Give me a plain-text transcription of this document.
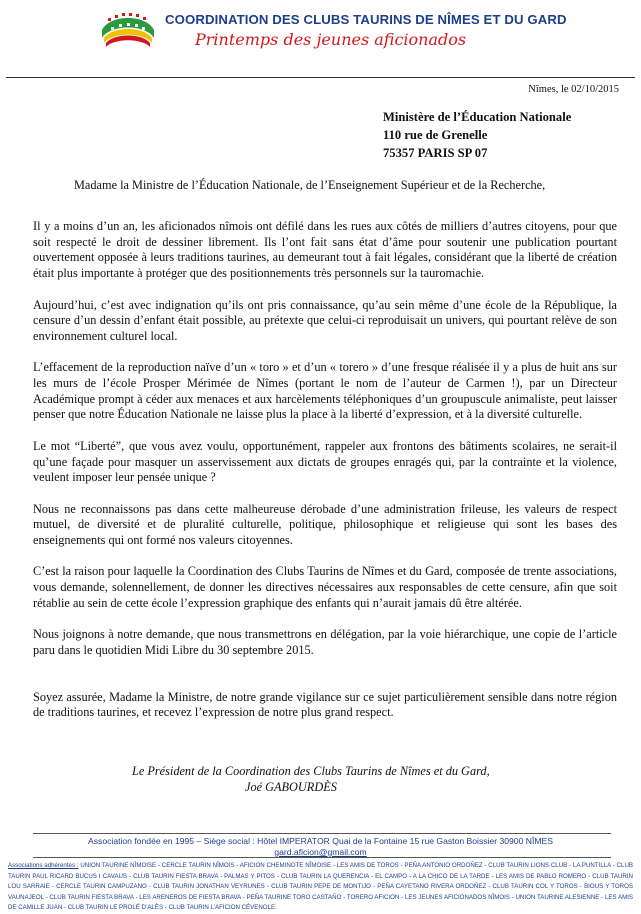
COORDINATION DES CLUBS TAURINS DE NÎMES ET DU GARD
Printemps des jeunes aficionados
Nîmes, le 02/10/2015
Ministère de l’Éducation Nationale
110 rue de Grenelle
75357 PARIS SP 07
Madame la Ministre de l’Éducation Nationale, de l’Enseignement Supérieur et de la Recherche,

Il y a moins d’un an, les aficionados nîmois ont défilé dans les rues aux côtés de milliers d’autres citoyens, pour que soit respecté le droit de dessiner librement. Ils l’ont fait sans état d’âme pour soutenir une publication pourtant ouvertement opposée à leurs traditions taurines, au demeurant tout à fait légales, considérant que la liberté de création était plus importante à protéger que des positionnements très personnels sur la tauromachie.

Aujourd’hui, c’est avec indignation qu’ils ont pris connaissance, qu’au sein même d’une école de la République, la censure d’un dessin d’enfant était possible, au prétexte que celui-ci reproduisait un univers, qui pourtant relève de son environnement culturel local.

L’effacement de la reproduction naïve d’un « toro » et d’un « torero » d’une fresque réalisée il y a plus de huit ans sur les murs de l’école Prosper Mérimée de Nîmes (portant le nom de l’auteur de Carmen !), par un Directeur Académique prompt à céder aux menaces et aux harcèlements téléphoniques d’un groupuscule animaliste, peut laisser penser que notre Éducation Nationale ne laisse plus la place à la liberté d’expression, et à la diversité culturelle.

Le mot “Liberté”, que vous avez voulu, opportunément, rappeler aux frontons des bâtiments scolaires, ne serait-il qu’une façade pour masquer un asservissement aux dictats de groupes enragés qui, par la contrainte et la violence, veulent imposer leur pensée unique ?

Nous ne reconnaissons pas dans cette malheureuse dérobade d’une administration frileuse, les valeurs de respect mutuel, de diversité et de pluralité culturelle, politique, philosophique et religieuse qui sont les bases des enseignements qui ont formé nos valeurs citoyennes.

C’est la raison pour laquelle la Coordination des Clubs Taurins de Nîmes et du Gard, composée de trente associations, vous demande, solennellement, de donner les directives nécessaires aux responsables de cette censure, afin que soit rétablie au sein de cette école l’expression graphique des enfants qui n’aurait jamais dû être altérée.

Nous joignons à notre demande, que nous transmettrons en délégation, par la voie hiérarchique, une copie de l’article paru dans le quotidien Midi Libre du 30 septembre 2015.

Soyez assurée, Madame la Ministre, de notre grande vigilance sur ce sujet particulièrement sensible dans notre région de traditions taurines, et recevez l’expression de notre plus grand respect.

Le Président de la Coordination des Clubs Taurins de Nîmes et du Gard,
Joé GABOURDÈS
Association fondée en 1995 – Siège social : Hôtel IMPERATOR Quai de la Fontaine 15 rue Gaston Boissier 30900 NÎMES
gard.aficion@gmail.com
Associations adhérentes : UNION TAURINE NÎMOISE - CERCLE TAURIN NÎMOIS - AFICION CHEMINOTE NÎMOISE - LES AMIS DE TOROS - PEÑA ANTONIO ORDOÑEZ - CLUB TAURIN LIONS CLUB - LA PUNTILLA - CLUB TAURIN PAUL RICARD BUCUS I CAVAUS - CLUB TAURIN FIESTA BRAVA - PALMAS Y PITOS - CLUB TAURIN LA QUERENCIA - EL CAMPO - A LA CHICO DE LA TARDE - LES AMIS DE PABLO ROMERO - CLUB TAURIN LOU SARRAIE - CERCLE TAURIN CAMPUZANO - CLUB TAURIN JONATHAN VEYRUNES - CLUB TAURIN PEPE DE MONTIJO - PEÑA CAYETANO RIVERA ORDOÑEZ - CLUB TAURIN COL Y TOROS - BIOUS Y TOROS VAUNAJEOL - CLUB TAURIN FIESTA BRAVA - LES ARENEROS DE FIESTA BRAVA - PEÑA TAURINE TORO CASTAÑO - TORERO AFICION - LES JEUNES AFICIONADOS NÎMOIS - UNION TAURINE ALESIENNE - LES AMIS DE CAMILLE JUAN - CLUB TAURIN LE PROLÉ D’ALÈS - CLUB TAURIN L’AFICION CÉVENOLE.
